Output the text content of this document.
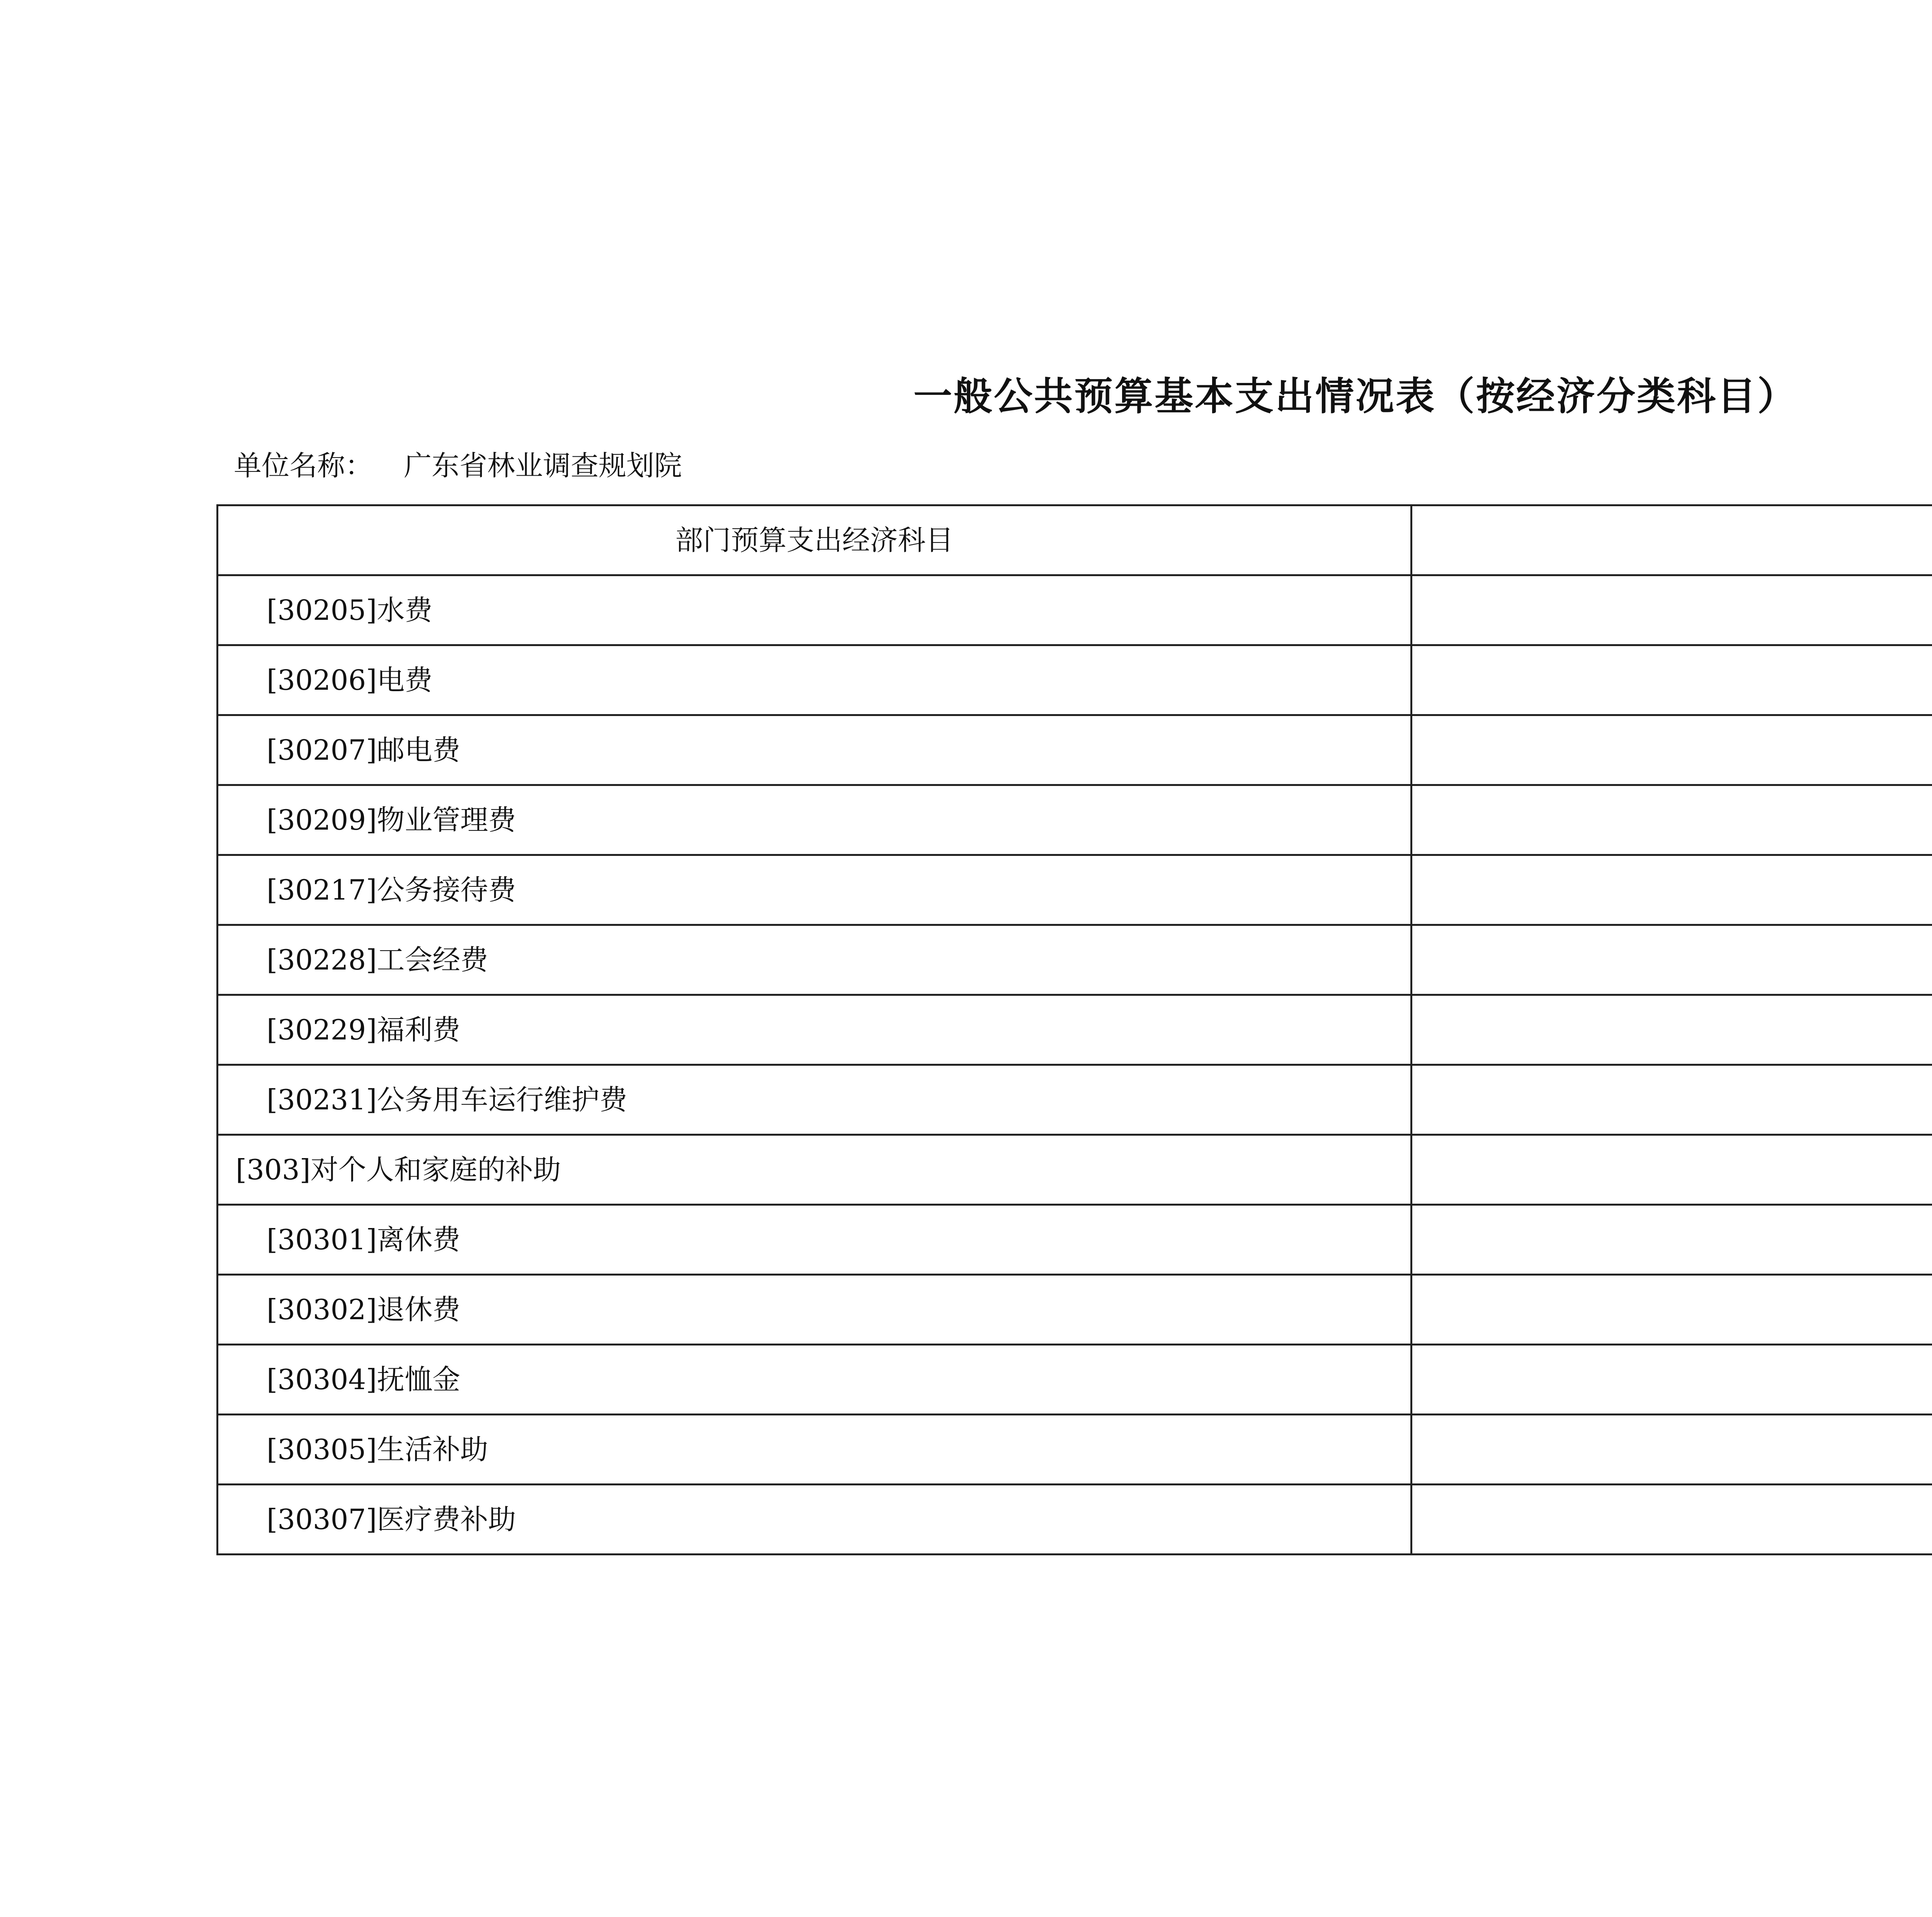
一般公共预算基本支出情况表（按经济分类科目）
单位名称： 广东省林业调查规划院
部门预算支出经济科目	
[30205]水费	
[30206]电费	
[30207]邮电费	
[30209]物业管理费	
[30217]公务接待费	
[30228]工会经费	
[30229]福利费	
[30231]公务用车运行维护费	
[303]对个人和家庭的补助	
[30301]离休费	
[30302]退休费	
[30304]抚恤金	
[30305]生活补助	
[30307]医疗费补助	
